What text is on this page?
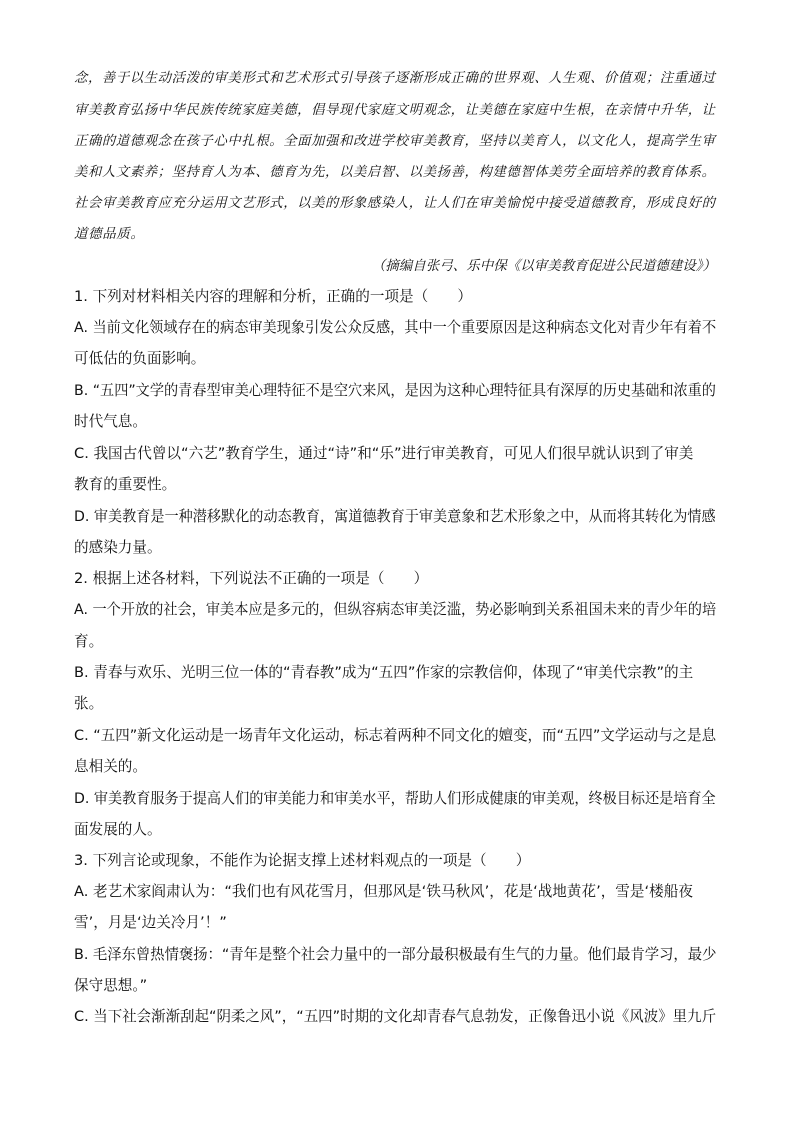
念，善于以生动活泼的审美形式和艺术形式引导孩子逐渐形成正确的世界观、人生观、价值观；注重通过
审美教育弘扬中华民族传统家庭美德，倡导现代家庭文明观念，让美德在家庭中生根，在亲情中升华，让
正确的道德观念在孩子心中扎根。全面加强和改进学校审美教育，坚持以美育人，以文化人，提高学生审
美和人文素养；坚持育人为本、德育为先，以美启智、以美扬善，构建德智体美劳全面培养的教育体系。
社会审美教育应充分运用文艺形式，以美的形象感染人，让人们在审美愉悦中接受道德教育，形成良好的
道德品质。
（摘编自张弓、乐中保《以审美教育促进公民道德建设》）
1. 下列对材料相关内容的理解和分析，正确的一项是（　　）
A. 当前文化领域存在的病态审美现象引发公众反感，其中一个重要原因是这种病态文化对青少年有着不
可低估的负面影响。
B. “五四”文学的青春型审美心理特征不是空穴来风，是因为这种心理特征具有深厚的历史基础和浓重的
时代气息。
C. 我国古代曾以“六艺”教育学生，通过“诗”和“乐”进行审美教育，可见人们很早就认识到了审美
教育的重要性。
D. 审美教育是一种潜移默化的动态教育，寓道德教育于审美意象和艺术形象之中，从而将其转化为情感
的感染力量。
2. 根据上述各材料，下列说法不正确的一项是（　　）
A. 一个开放的社会，审美本应是多元的，但纵容病态审美泛滥，势必影响到关系祖国未来的青少年的培
育。
B. 青春与欢乐、光明三位一体的“青春教”成为“五四”作家的宗教信仰，体现了“审美代宗教”的主
张。
C. “五四”新文化运动是一场青年文化运动，标志着两种不同文化的嬗变，而“五四”文学运动与之是息
息相关的。
D. 审美教育服务于提高人们的审美能力和审美水平，帮助人们形成健康的审美观，终极目标还是培育全
面发展的人。
3. 下列言论或现象，不能作为论据支撑上述材料观点的一项是（　　）
A. 老艺术家阎肃认为：“我们也有风花雪月，但那风是‘铁马秋风’，花是‘战地黄花’，雪是‘楼船夜
雪’，月是‘边关冷月’！”
B. 毛泽东曾热情褒扬：“青年是整个社会力量中的一部分最积极最有生气的力量。他们最肯学习，最少
保守思想。”
C. 当下社会渐渐刮起“阴柔之风”，“五四”时期的文化却青春气息勃发，正像鲁迅小说《风波》里九斤
